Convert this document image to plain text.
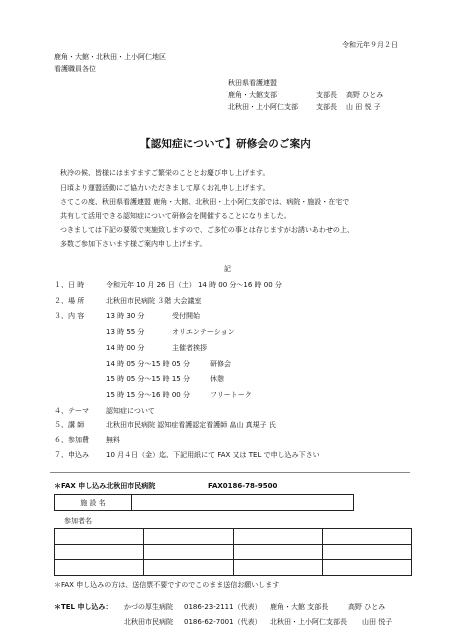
令和元年９月２日
鹿角・大館・北秋田・上小阿仁地区
看護職員各位
秋田県看護連盟
鹿角・大館支部	支部長 高野 ひとみ
北秋田・上小阿仁支部	支部長 山 田 悦 子
【認知症について】研修会のご案内
秋冷の候、皆様にはますますご繁栄のこととお慶び申し上げます。
日頃より運盟活動にご協力いただきまして厚くお礼申し上げます。
さてこの度、秋田県看護連盟 鹿角・大館、北秋田・上小阿仁支部では、病院・施設・在宅で
共有して活用できる認知症について研修会を開催することになりました。
つきましては下記の要領で実施致しますので、ご多忙の事とは存じますがお誘いあわせの上、
多数ご参加下さいます様ご案内申し上げます。
記
１、日 時	令和元年 10 月 26 日（土） 14 時 00 分〜16 時 00 分
２、場 所	北秋田市民病院 ３階 大会議室
３、内 容	13 時 30 分	受付開始
13 時 55 分	オリエンテーション
14 時 00 分	主催者挨拶
14 時 05 分〜15 時 05 分	研修会
15 時 05 分〜15 時 15 分	休憩
15 時 15 分〜16 時 00 分	フリートーク
４、テーマ 認知症について
５、講 師	北秋田市民病院 認知症看護認定看護師 畠山 真規子 氏
６、参加費 無料
７、申込み 10 月４日（金）迄、下記用紙にて FAX 又は TEL で申し込み下さい
＊FAX 申し込み北秋田市民病院	FAX0186-78-9500
施 設 名	
参加者名

＊FAX 申し込みの方は、送信票不要ですのでこのまま送信お願いします
＊TEL 申し込み： かづの厚生病院 0186-23-2111（代表） 鹿角・大館 支部長	高野 ひとみ
北秋田市民病院 0186-62-7001（代表） 北秋田・上小阿仁支部長 山田 悦子
